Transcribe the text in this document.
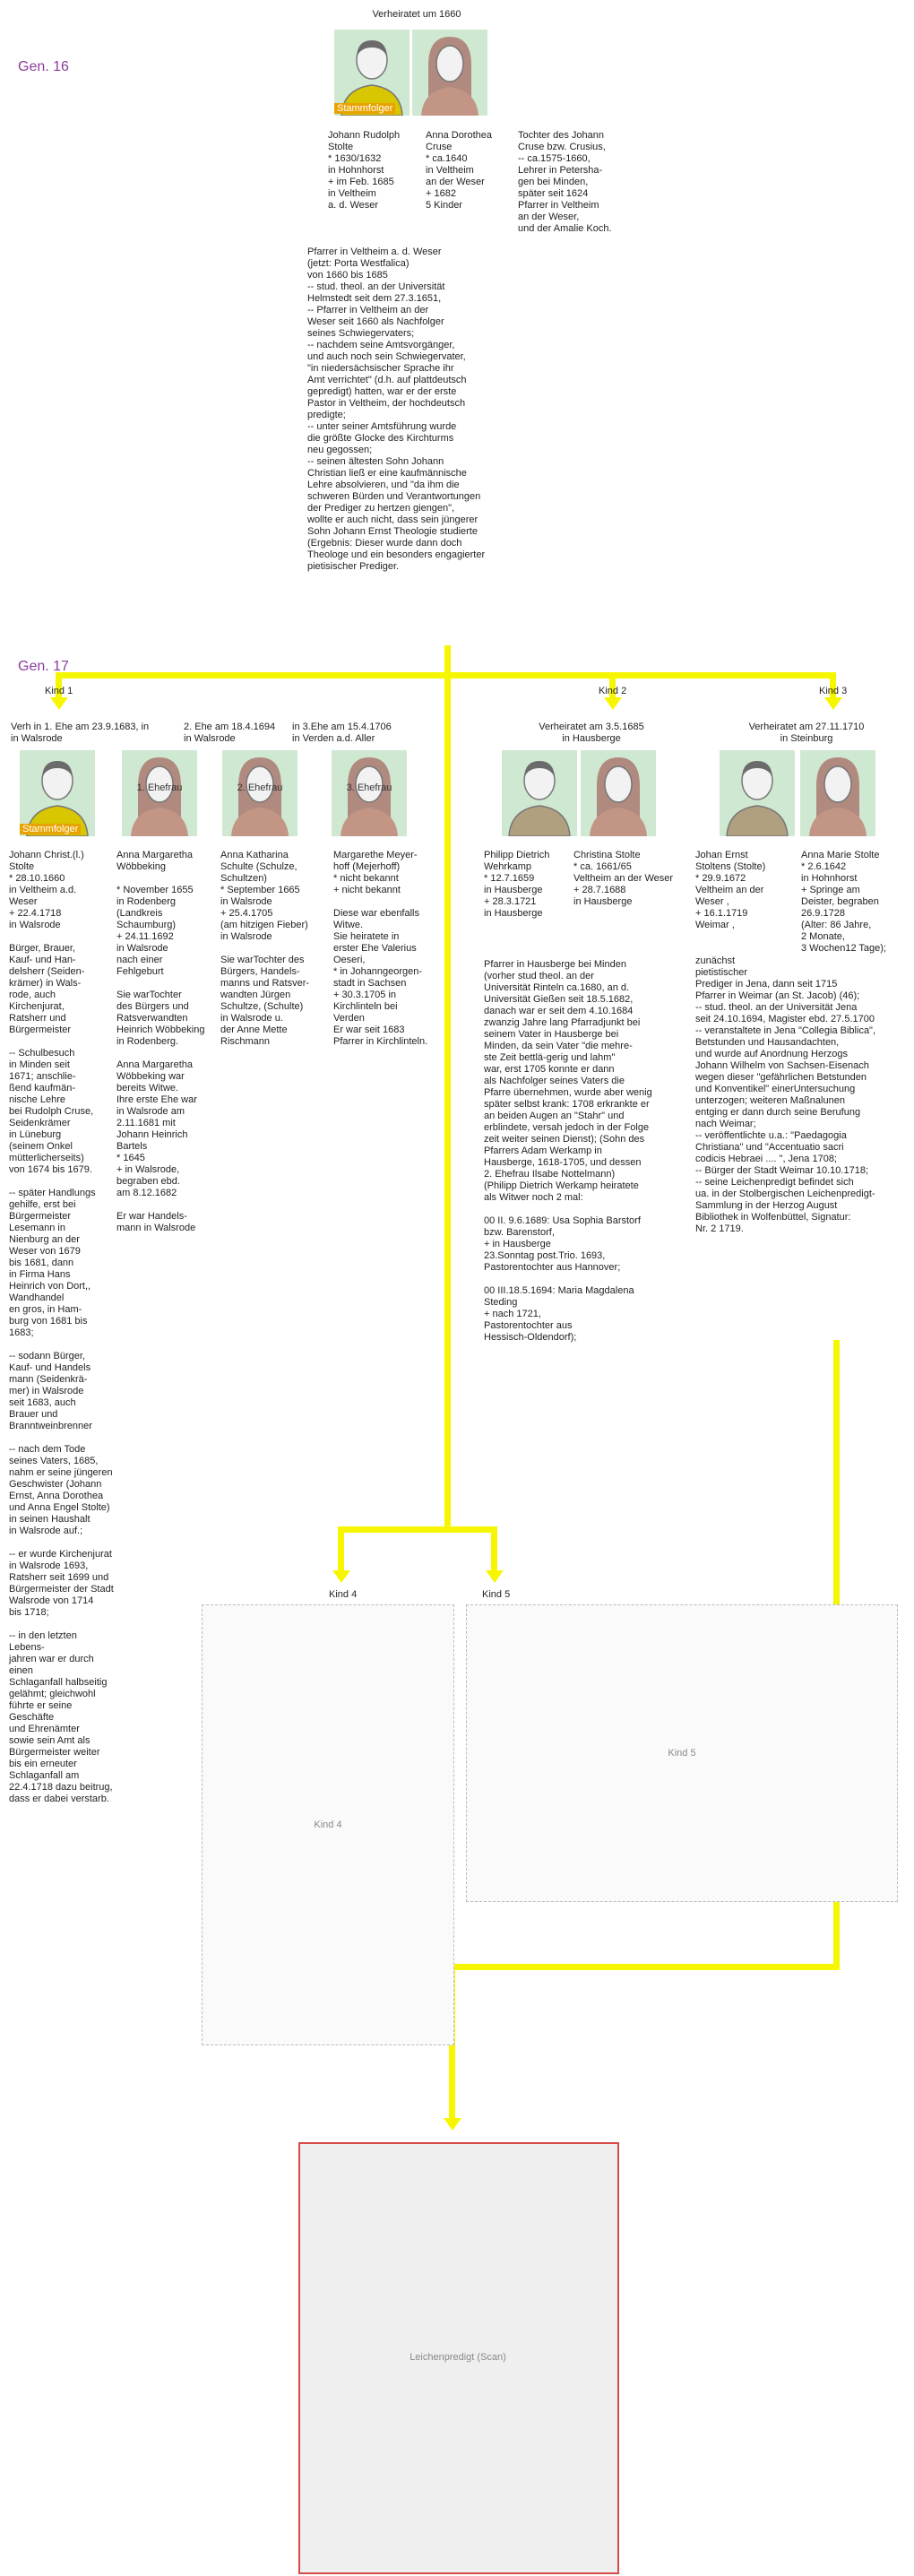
Gen. 16
Verheiratet um 1660
Stammfolger
Johann Rudolph
Stolte
* 1630/1632
in Hohnhorst
+ im Feb. 1685
in Veltheim
a. d. Weser
Anna Dorothea
Cruse
* ca.1640
in Veltheim
an der Weser
+ 1682
5 Kinder
Tochter des Johann
Cruse bzw. Crusius,
-- ca.1575-1660,
Lehrer in Petersha-
gen bei Minden,
später seit 1624
Pfarrer in Veltheim
an der Weser,
und der Amalie Koch.
Pfarrer in Veltheim a. d. Weser
(jetzt: Porta Westfalica)
von 1660 bis 1685
-- stud. theol. an der Universität
Helmstedt seit dem 27.3.1651,
-- Pfarrer in Veltheim an der
Weser seit 1660 als Nachfolger
seines Schwiegervaters;
-- nachdem seine Amtsvorgänger,
und auch noch sein Schwiegervater,
"in niedersächsischer Sprache ihr
Amt verrichtet" (d.h. auf plattdeutsch
gepredigt) hatten, war er der erste
Pastor in Veltheim, der hochdeutsch
predigte;
-- unter seiner Amtsführung wurde
die größte Glocke des Kirchturms
neu gegossen;
-- seinen ältesten Sohn Johann
Christian ließ er eine kaufmännische
Lehre absolvieren, und "da ihm die
schweren Bürden und Verantwortungen
der Prediger zu hertzen giengen",
wollte er auch nicht, dass sein jüngerer
Sohn Johann Ernst Theologie studierte
(Ergebnis: Dieser wurde dann doch
Theologe und ein besonders engagierter
pietisischer Prediger.
Gen. 17
Kind 1	Kind 2	Kind 3
Verh in 1. Ehe am 23.9.1683, in
in Walsrode
2. Ehe am 18.4.1694
in Walsrode
in 3.Ehe am 15.4.1706
in Verden a.d. Aller
Stammfolger
1. Ehefrau	2. Ehefrau	3. Ehefrau
Johann Christ.(l.)
Stolte
* 28.10.1660
in Veltheim a.d.
Weser
+ 22.4.1718
in Walsrode

Bürger, Brauer,
Kauf- und Han-
delsherr (Seiden-
krämer) in Wals-
rode, auch
Kirchenjurat,
Ratsherr und
Bürgermeister

-- Schulbesuch
in Minden seit
1671; anschlie-
ßend kaufmän-
nische Lehre
bei Rudolph Cruse,
Seidenkrämer
in Lüneburg
(seinem Onkel
mütterlicherseits)
von 1674 bis 1679.

-- später Handlungs
gehilfe, erst bei
Bürgermeister
Lesemann in
Nienburg an der
Weser von 1679
bis 1681, dann
in Firma Hans
Heinrich von Dort,,
Wandhandel
en gros, in Ham-
burg von 1681 bis
1683;

-- sodann Bürger,
Kauf- und Handels
mann (Seidenkrä-
mer) in Walsrode
seit 1683, auch
Brauer und
Branntweinbrenner

-- nach dem Tode
seines Vaters, 1685,
nahm er seine jüngeren
Geschwister (Johann
Ernst, Anna Dorothea
und Anna Engel Stolte)
in seinen Haushalt
in Walsrode auf.;

-- er wurde Kirchenjurat
in Walsrode 1693,
Ratsherr seit 1699 und
Bürgermeister der Stadt
Walsrode von 1714
bis 1718;

-- in den letzten Lebens-
jahren war er durch einen
Schlaganfall halbseitig
gelähmt; gleichwohl
führte er seine Geschäfte
und Ehrenämter
sowie sein Amt als
Bürgermeister weiter
bis ein erneuter
Schlaganfall am
22.4.1718 dazu beitrug,
dass er dabei verstarb.
Anna Margaretha
Wöbbeking

* November 1655
in Rodenberg
(Landkreis
Schaumburg)
+ 24.11.1692
in Walsrode
nach einer
Fehlgeburt

Sie warTochter
des Bürgers und
Ratsverwandten
Heinrich Wöbbeking
in Rodenberg.

Anna Margaretha
Wöbbeking war
bereits Witwe.
Ihre erste Ehe war
in Walsrode am
2.11.1681 mit
Johann Heinrich
Bartels
* 1645
+ in Walsrode,
begraben ebd.
am 8.12.1682

Er war Handels-
mann in Walsrode
Anna Katharina
Schulte (Schulze,
Schultzen)
* September 1665
in Walsrode
+ 25.4.1705
(am hitzigen Fieber)
in Walsrode

Sie warTochter des
Bürgers, Handels-
manns und Ratsver-
wandten Jürgen
Schultze, (Schulte)
in Walsrode u.
der Anne Mette
Rischmann
Margarethe Meyer-
hoff (Mejerhoff)
* nicht bekannt
+ nicht bekannt

Diese war ebenfalls
Witwe.
Sie heiratete in
erster Ehe Valerius
Oeseri,
* in Johanngeorgen-
stadt in Sachsen
+ 30.3.1705 in
Kirchlinteln bei
Verden
Er war seit 1683
Pfarrer in Kirchlinteln.
Verheiratet am 3.5.1685
in Hausberge
Philipp Dietrich
Wehrkamp
* 12.7.1659
in Hausberge
+ 28.3.1721
in Hausberge
Christina Stolte
* ca. 1661/65
Veltheim an der Weser
+ 28.7.1688
in Hausberge
Pfarrer in Hausberge bei Minden
(vorher stud theol. an der
Universität Rinteln ca.1680, an d.
Universität Gießen seit 18.5.1682,
danach war er seit dem 4.10.1684
zwanzig Jahre lang Pfarradjunkt bei
seinem Vater in Hausberge bei
Minden, da sein Vater "die mehre-
ste Zeit bettlä-gerig und lahm"
war, erst 1705 konnte er dann
als Nachfolger seines Vaters die
Pfarre übernehmen, wurde aber wenig
später selbst krank: 1708 erkrankte er
an beiden Augen an "Stahr" und
erblindete, versah jedoch in der Folge
zeit weiter seinen Dienst); (Sohn des
Pfarrers Adam Werkamp in
Hausberge, 1618-1705, und dessen
2. Ehefrau Ilsabe Nottelmann)
(Philipp Dietrich Werkamp heiratete
als Witwer noch 2 mal:

00 II. 9.6.1689: Usa Sophia Barstorf
bzw. Barenstorf,
+ in Hausberge
23.Sonntag post.Trio. 1693,
Pastorentochter aus Hannover;

00 III.18.5.1694: Maria Magdalena
Steding
+ nach 1721,
Pastorentochter aus
Hessisch-Oldendorf);
Verheiratet am 27.11.1710
in Steinburg
Johan Ernst
Stoltens (Stolte)
* 29.9.1672
Veltheim an der
Weser ,
+ 16.1.1719
Weimar ,
Anna Marie Stolte
* 2.6.1642
in Hohnhorst
+ Springe am
Deister, begraben
26.9.1728
(Alter: 86 Jahre,
2 Monate,
3 Wochen12 Tage);
zunächst
pietistischer
Prediger in Jena, dann seit 1715
Pfarrer in Weimar (an St. Jacob) (46);
-- stud. theol. an der Universität Jena
seit 24.10.1694, Magister ebd. 27.5.1700
-- veranstaltete in Jena "Collegia Biblica",
Betstunden und Hausandachten,
und wurde auf Anordnung Herzogs
Johann Wilhelm von Sachsen-Eisenach
wegen dieser "gefährlichen Betstunden
und Konventikel" einerUntersuchung
unterzogen; weiteren Maßnalunen
entging er dann durch seine Berufung
nach Weimar;
-- veröffentlichte u.a.: "Paedagogia
Christiana" und "Accentuatio sacri
codicis Hebraei .... ", Jena 1708;
-- Bürger der Stadt Weimar 10.10.1718;
-- seine Leichenpredigt befindet sich
ua. in der Stolbergischen Leichenpredigt-
Sammlung in der Herzog August
Bibliothek in Wolfenbüttel, Signatur:
Nr. 2 1719.
Kind 4
Kind 4
Kind 5
Kind 5
Leichenpredigt (Scan)
